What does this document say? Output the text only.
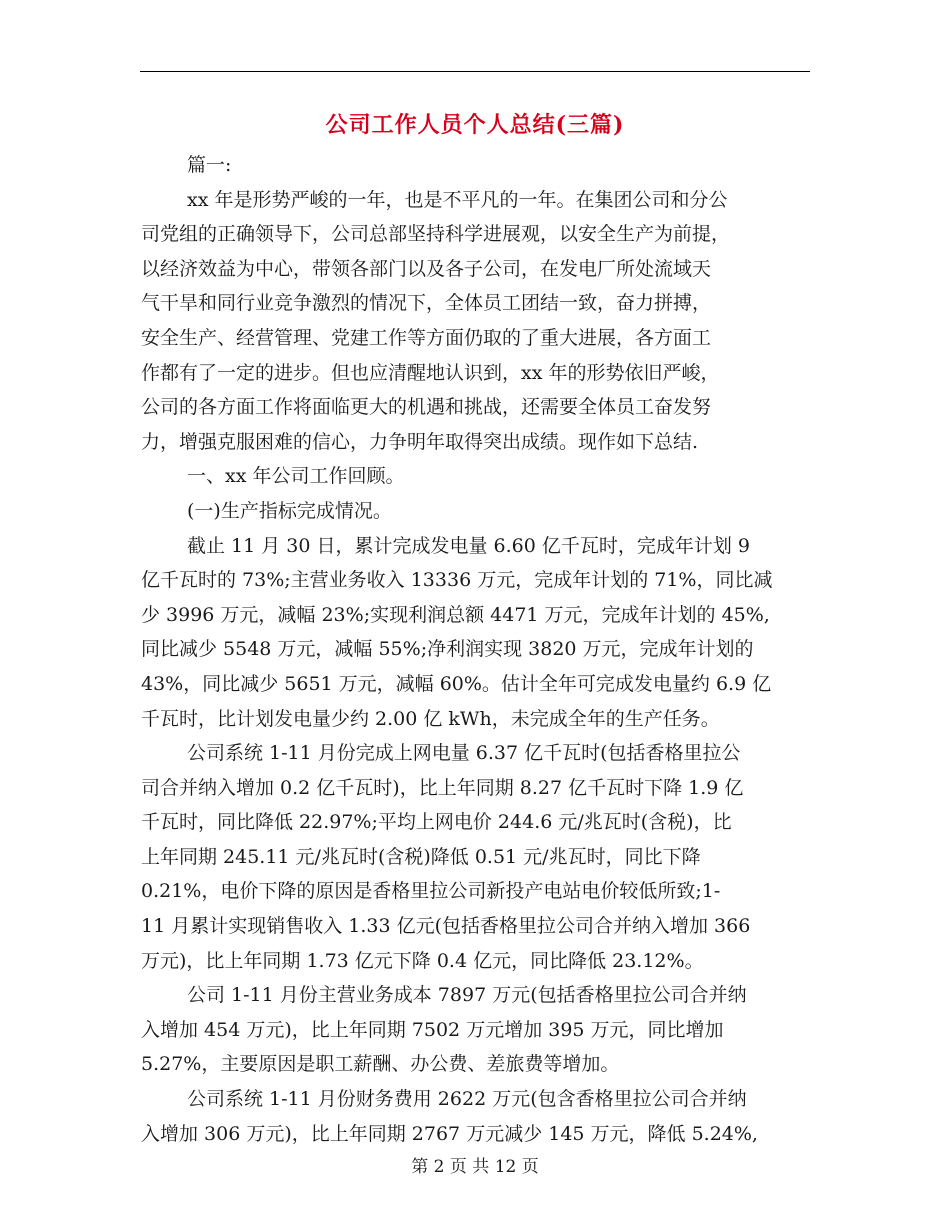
公司工作人员个人总结(三篇)
篇一:
xx 年是形势严峻的一年，也是不平凡的一年。在集团公司和分公
司党组的正确领导下，公司总部坚持科学进展观，以安全生产为前提，
以经济效益为中心，带领各部门以及各子公司，在发电厂所处流域天
气干旱和同行业竞争激烈的情况下，全体员工团结一致，奋力拼搏，
安全生产、经营管理、党建工作等方面仍取的了重大进展，各方面工
作都有了一定的进步。但也应清醒地认识到，xx 年的形势依旧严峻，
公司的各方面工作将面临更大的机遇和挑战，还需要全体员工奋发努
力，增强克服困难的信心，力争明年取得突出成绩。现作如下总结.
一、xx 年公司工作回顾。
(一)生产指标完成情况。
截止 11 月 30 日，累计完成发电量 6.60 亿千瓦时，完成年计划 9
亿千瓦时的 73%;主营业务收入 13336 万元，完成年计划的 71%，同比减
少 3996 万元，减幅 23%;实现利润总额 4471 万元，完成年计划的 45%,
同比减少 5548 万元，减幅 55%;净利润实现 3820 万元，完成年计划的
43%，同比减少 5651 万元，减幅 60%。估计全年可完成发电量约 6.9 亿
千瓦时，比计划发电量少约 2.00 亿 kWh，未完成全年的生产任务。
公司系统 1-11 月份完成上网电量 6.37 亿千瓦时(包括香格里拉公
司合并纳入增加 0.2 亿千瓦时)，比上年同期 8.27 亿千瓦时下降 1.9 亿
千瓦时，同比降低 22.97%;平均上网电价 244.6 元/兆瓦时(含税)，比
上年同期 245.11 元/兆瓦时(含税)降低 0.51 元/兆瓦时，同比下降
0.21%，电价下降的原因是香格里拉公司新投产电站电价较低所致;1-
11 月累计实现销售收入 1.33 亿元(包括香格里拉公司合并纳入增加 366
万元)，比上年同期 1.73 亿元下降 0.4 亿元，同比降低 23.12%。
公司 1-11 月份主营业务成本 7897 万元(包括香格里拉公司合并纳
入增加 454 万元)，比上年同期 7502 万元增加 395 万元，同比增加
5.27%，主要原因是职工薪酬、办公费、差旅费等增加。
公司系统 1-11 月份财务费用 2622 万元(包含香格里拉公司合并纳
入增加 306 万元)，比上年同期 2767 万元减少 145 万元，降低 5.24%,
第 2 页 共 12 页
